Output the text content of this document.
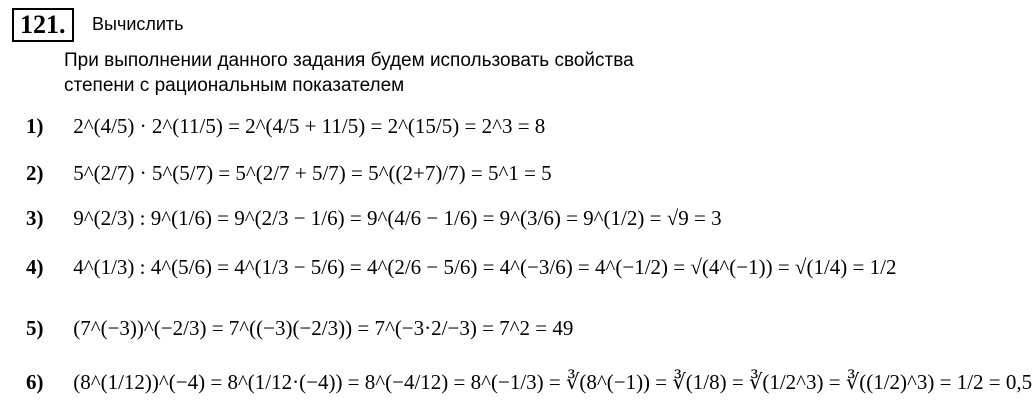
121.	Вычислить
При выполнении данного задания будем использовать свойства
степени с рациональным показателем
1) 2^(4/5) · 2^(11/5) = 2^(4/5 + 11/5) = 2^(15/5) = 2^3 = 8
2) 5^(2/7) · 5^(5/7) = 5^(2/7 + 5/7) = 5^((2+7)/7) = 5^1 = 5
3) 9^(2/3) : 9^(1/6) = 9^(2/3 − 1/6) = 9^(4/6 − 1/6) = 9^(3/6) = 9^(1/2) = √9 = 3
4) 4^(1/3) : 4^(5/6) = 4^(1/3 − 5/6) = 4^(2/6 − 5/6) = 4^(−3/6) = 4^(−1/2) = √(4^(−1)) = √(1/4) = 1/2
5) (7^(−3))^(−2/3) = 7^((−3)(−2/3)) = 7^(−3·2/−3) = 7^2 = 49
6) (8^(1/12))^(−4) = 8^(1/12·(−4)) = 8^(−4/12) = 8^(−1/3) = ∛(8^(−1)) = ∛(1/8) = ∛(1/2^3) = ∛((1/2)^3) = 1/2 = 0,5
